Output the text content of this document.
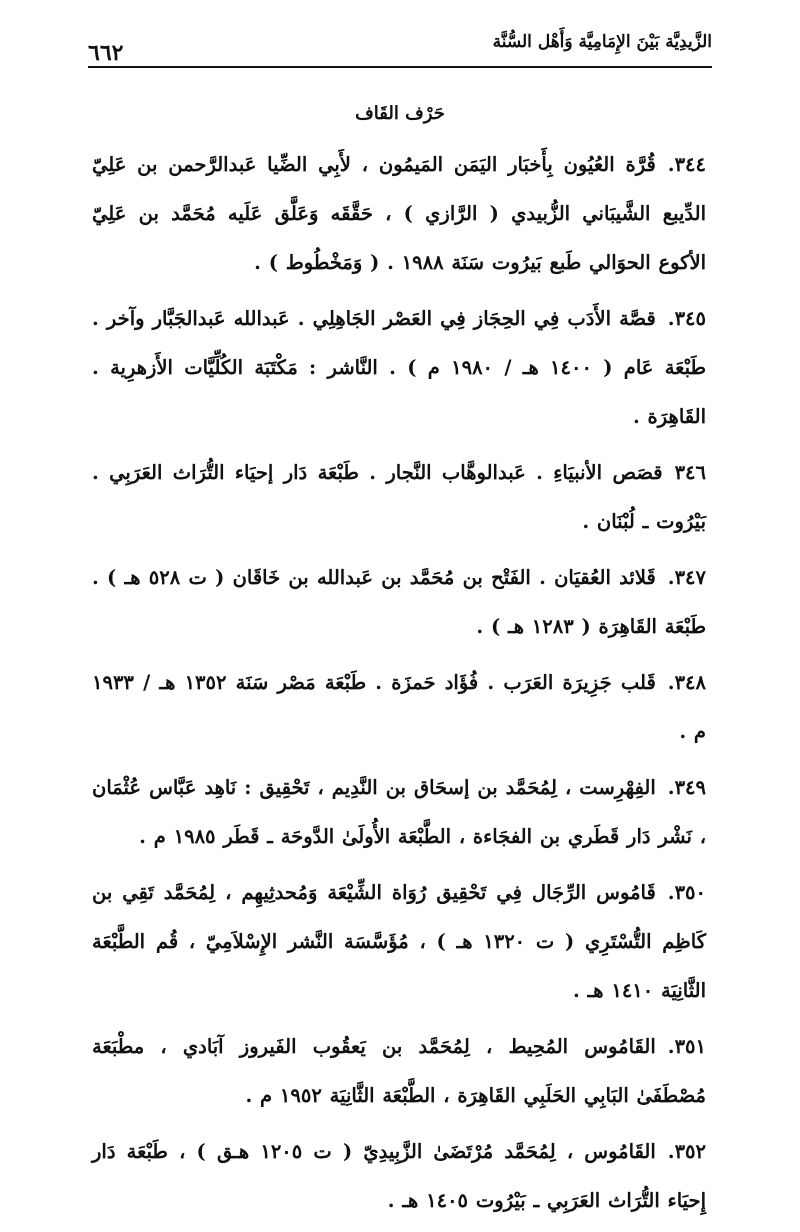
الزَّيدِيَّة بَيْنَ الإِمَامِيَّة وَأَهْل السُّنَّة
٦٦٢
حَرْف القَاف

٣٤٤.قُرَّة العُيُون بِأَخبَار اليَمَن المَيمُون ، لأَبِي الضِّيا عَبدالرَّحمن بن عَلِيّ الدِّيبع الشَّيبَاني الزُّبيدي ( الرَّازي ) ، حَقَّقَه وَعَلَّق عَلَيه مُحَمَّد بن عَلِيّ الأكوع الحوَالي طَبع بَيرُوت سَنَة ١٩٨٨ . ( وَمَخْطُوط ) .

٣٤٥.قصَّة الأَدَب فِي الحِجَاز فِي العَصْر الجَاهِلِي . عَبدالله عَبدالجَبَّار وآخر . طَبْعَة عَام ( ١٤٠٠ هـ / ١٩٨٠ م ) . النَّاشر : مَكْتَبَة الكُلِّيَّات الأَزهرِية . القَاهِرَة .

٣٤٦قصَص الأنبيَاءِ . عَبدالوهَّاب النَّجار . طَبْعَة دَار إحيَاء التُّرَاث العَرَبِي . بَيْرُوت ـ لُبْنَان .

٣٤٧.قَلائد العُقيَان . الفَتْح بن مُحَمَّد بن عَبدالله بن خَاقَان ( ت ٥٢٨ هـ ) . طَبْعَة القَاهِرَة ( ١٢٨٣ هـ ) .

٣٤٨.قَلب جَزِيرَة العَرَب . فُؤَاد حَمزَة . طَبْعَة مَصْر سَنَة ١٣٥٢ هـ / ١٩٣٣ م .

٣٤٩.الفِهْرِست ، لِمُحَمَّد بن إسحَاق بن النَّدِيم ، تَحْقِيق : نَاهِد عَبَّاس عُثْمَان ، نَشْر دَار قَطَري بن الفجَاءة ، الطَّبْعَة الأُولَىٰ الدَّوحَة ـ قَطَر ١٩٨٥ م .

٣٥٠.قَامُوس الرِّجَال فِي تَحْقِيق رُوَاة الشِّيْعَة وَمُحدثِيهِم ، لِمُحَمَّد تَقِي بن كَاظِم التُّسْتَرِي ( ت ١٣٢٠ هـ ) ، مُؤَسَّسَة النَّشر الإِسْلاَمِيّ ، قُم الطَّبْعَة الثَّانِيَة ١٤١٠ هـ .

٣٥١.القَامُوس المُحِيط ، لِمُحَمَّد بن يَعقُوب الفَيروز آبَادي ، مطْبَعَة مُصْطَفَىٰ البَابِي الحَلَبِي القَاهِرَة ، الطَّبْعَة الثَّانِيَة ١٩٥٢ م .

٣٥٢.القَامُوس ، لِمُحَمَّد مُرْتَضَىٰ الزَّبِيدِيّ ( ت ١٢٠٥ هـق ) ، طَبْعَة دَار إِحيَاء التُّرَاث العَرَبِي ـ بَيْرُوت ١٤٠٥ هـ .
